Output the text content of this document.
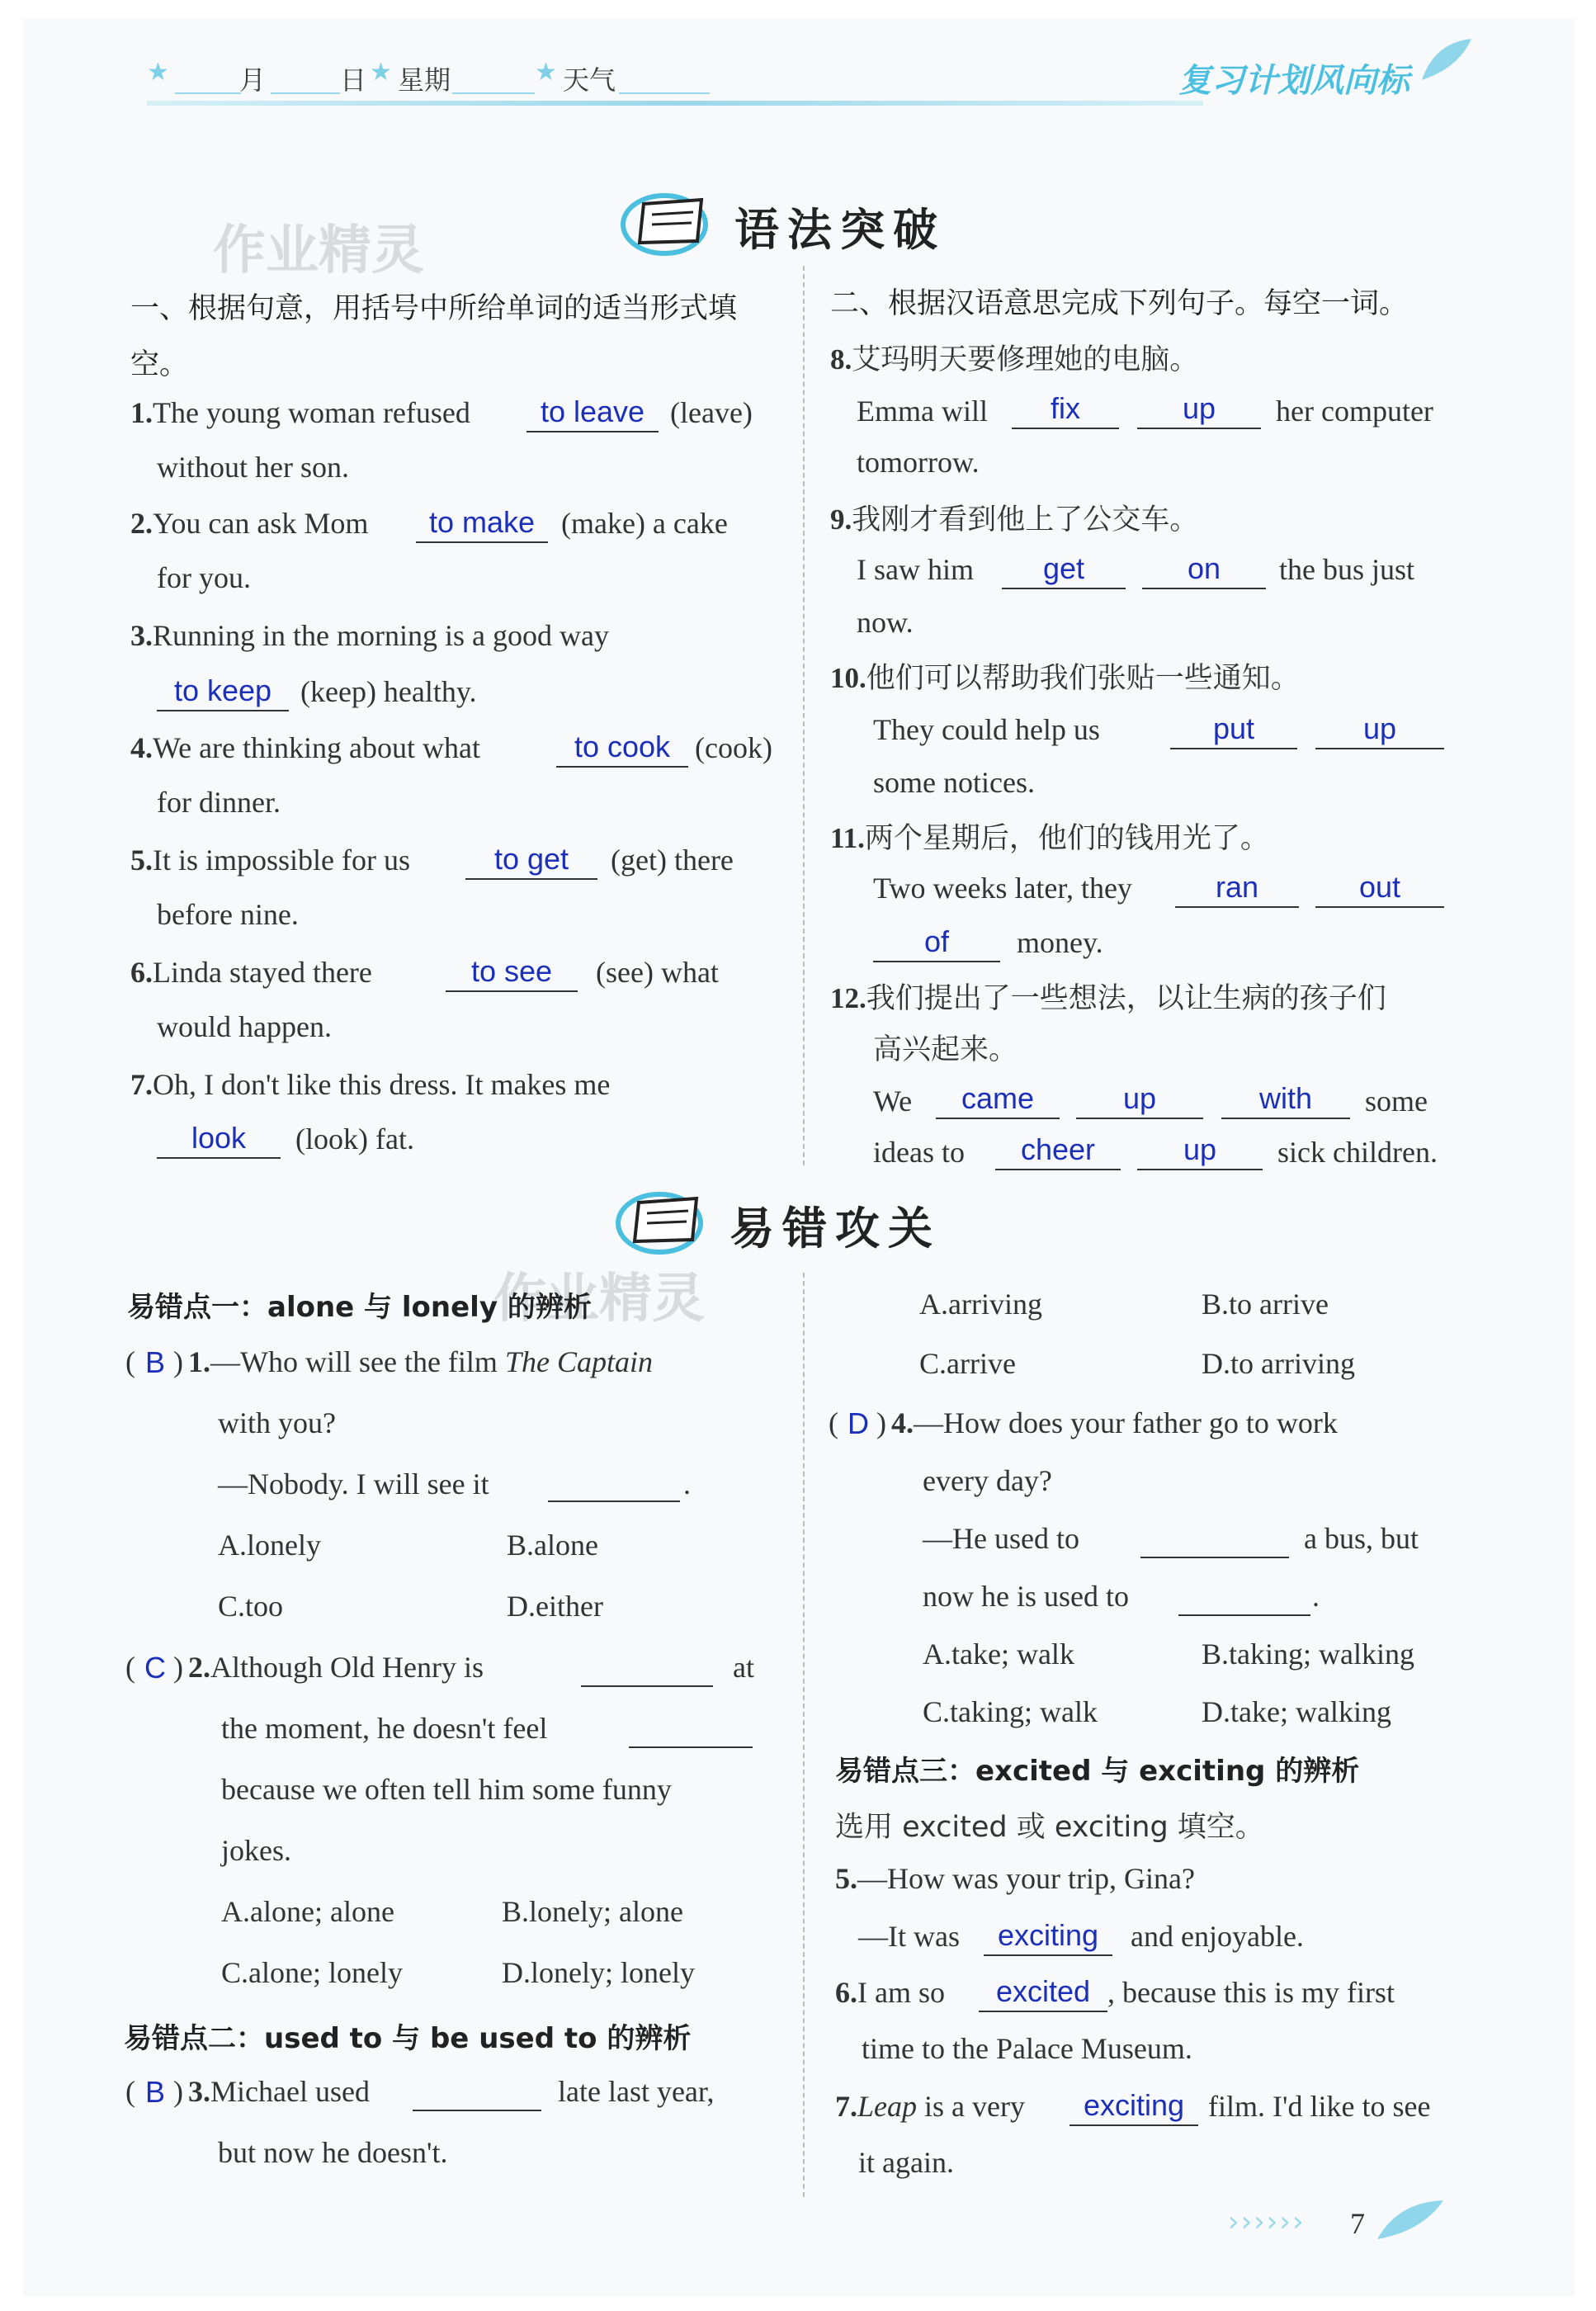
★	月	日 ★ 星期	★ 天气	复习计划风向标
作业精灵	语法突破
一、根据句意，用括号中所给单词的适当形式填空。
二、根据汉语意思完成下列句子。每空一词。
1.The young woman refused	to leave (leave)
without her son.
2.You can ask Mom	to make (make) a cake
for you.
3.Running in the morning is a good way
to keep (keep) healthy.
4.We are thinking about what	to cook (cook)
for dinner.
5.It is impossible for us	to get	(get) there
before nine.
6.Linda stayed there	to see	(see) what
would happen.
7.Oh, I don't like this dress. It makes me
look	(look) fat.
8.艾玛明天要修理她的电脑。
Emma will	fix	up	her computer
tomorrow.
9.我刚才看到他上了公交车。
I saw him	get	on	the bus just
now.
10.他们可以帮助我们张贴一些通知。
They could help us	put	up
some notices.
11.两个星期后，他们的钱用光了。
Two weeks later, they	ran	out
of	money.
12.我们提出了一些想法，以让生病的孩子们
高兴起来。
We	came	up	with	some
ideas to	cheer	up	sick children.
易错攻关
作业精灵
易错点一：alone 与 lonely 的辨析
( B ) 1.—Who will see the film The Captain
with you?
—Nobody. I will see it	.
A.lonely	B.alone
C.too	D.either
( C ) 2.Although Old Henry is	at
the moment, he doesn't feel
because we often tell him some funny
jokes.
A.alone; alone	B.lonely; alone
C.alone; lonely	D.lonely; lonely
易错点二：used to 与 be used to 的辨析
( B ) 3.Michael used	late last year,
but now he doesn't.
A.arriving	B.to arrive
C.arrive	D.to arriving
( D ) 4.—How does your father go to work
every day?
—He used to	a bus, but
now he is used to	.
A.take; walk	B.taking; walking
C.taking; walk	D.take; walking
易错点三：excited 与 exciting 的辨析
选用 excited 或 exciting 填空。
5.—How was your trip, Gina?
—It was	exciting	and enjoyable.
6.I am so	excited , because this is my first
time to the Palace Museum.
7.Leap is a very	exciting film. I'd like to see
it again.
›››››› 7
